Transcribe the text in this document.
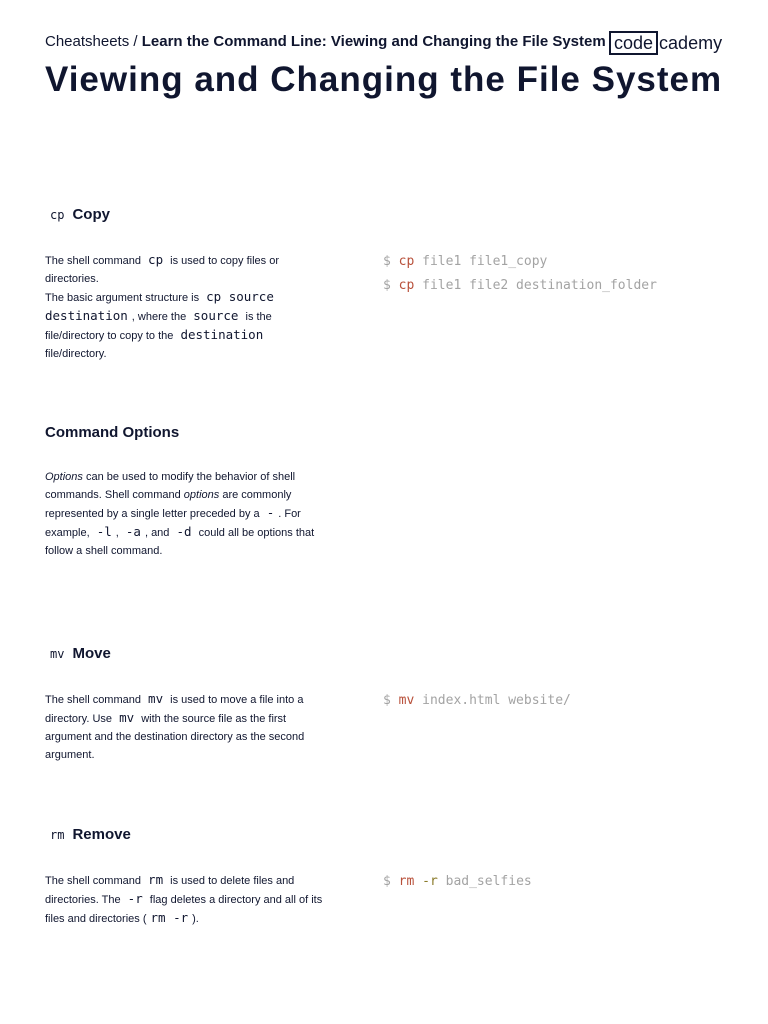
Cheatsheets / Learn the Command Line: Viewing and Changing the File System code cademy
Viewing and Changing the File System
cp Copy

The shell command cp is used to copy files or directories.
The basic argument structure is cp source destination , where the source is the file/directory to copy to the destination file/directory.

$ cp file1 file1_copy
$ cp file1 file2 destination_folder
Command Options

Options can be used to modify the behavior of shell commands. Shell command options are commonly represented by a single letter preceded by a - . For example, -l , -a , and -d could all be options that follow a shell command.

mv Move

The shell command mv is used to move a file into a directory. Use mv with the source file as the first argument and the destination directory as the second argument.

$ mv index.html website/
rm Remove

The shell command rm is used to delete files and directories. The -r flag deletes a directory and all of its files and directories ( rm -r ).

$ rm -r bad_selfies
